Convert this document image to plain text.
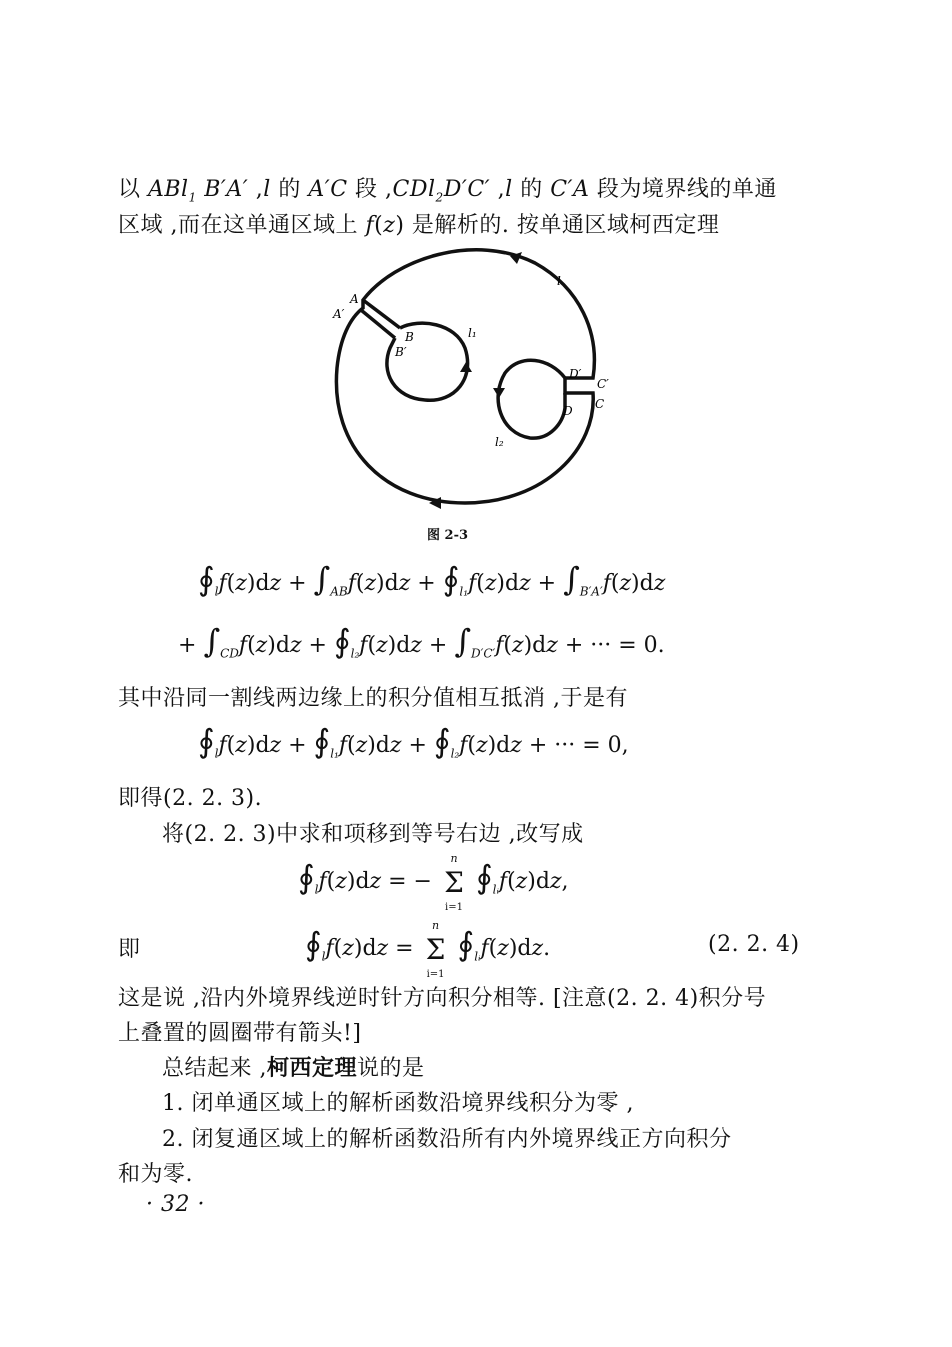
以 ABl$_1$ B′A′ ,l 的 A′C 段 ,CDl$_2$D′C′ ,l 的 C′A 段为境界线的单通
区域 ,而在这单通区域上 f(z) 是解析的. 按单通区域柯西定理
A
A′
B
B′
l
l₁
l₂
D′
C′
D C
图 2-3
$∮_lf(z)dz + \int_{AB}f(z)dz$ + $∮_{l_1}f(z)dz + \int_{B'A'}f(z)dz$
+ $\int_{CD}f(z)dz$ + $∮_{l_2}f(z)dz + \int_{D'C'}f(z)dz$ + ··· = 0.
其中沿同一割线两边缘上的积分值相互抵消 ,于是有
$∮_lf(z)dz$ + $∮_{l_1}f(z)dz$ + $∮_{l_2}f(z)dz$ + ··· = 0,
即得(2. 2. 3).
将(2. 2. 3)中求和项移到等号右边 ,改写成
$∮_lf(z)dz$ = −
n
Σ
i=1
$∮_{lᵢ}f(z)dz$,
即	$∮_lf(z)dz$ =
n
Σ
i=1
$∮_{lᵢ}f(z)dz$.	(2. 2. 4)
这是说 ,沿内外境界线逆时针方向积分相等. [注意(2. 2. 4)积分号
上叠置的圆圈带有箭头!]
总结起来 ,柯西定理说的是
1. 闭单通区域上的解析函数沿境界线积分为零 ,
2. 闭复通区域上的解析函数沿所有内外境界线正方向积分
和为零.
· 32 ·
